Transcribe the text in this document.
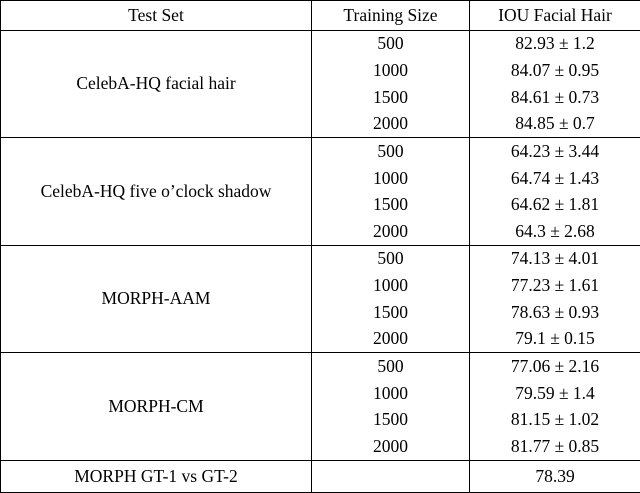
Test Set	Training Size	IOU Facial Hair
CelebA-HQ facial hair	500	82.93 ± 1.2
	1000	84.07 ± 0.95
	1500	84.61 ± 0.73
	2000	84.85 ± 0.7

CelebA-HQ five o’clock shadow	500	64.23 ± 3.44
	1000	64.74 ± 1.43
	1500	64.62 ± 1.81
	2000	64.3 ± 2.68

MORPH-AAM	500	74.13 ± 4.01
	1000	77.23 ± 1.61
	1500	78.63 ± 0.93
	2000	79.1 ± 0.15

MORPH-CM	500	77.06 ± 2.16
	1000	79.59 ± 1.4
	1500	81.15 ± 1.02
	2000	81.77 ± 0.85

MORPH GT-1 vs GT-2		78.39
